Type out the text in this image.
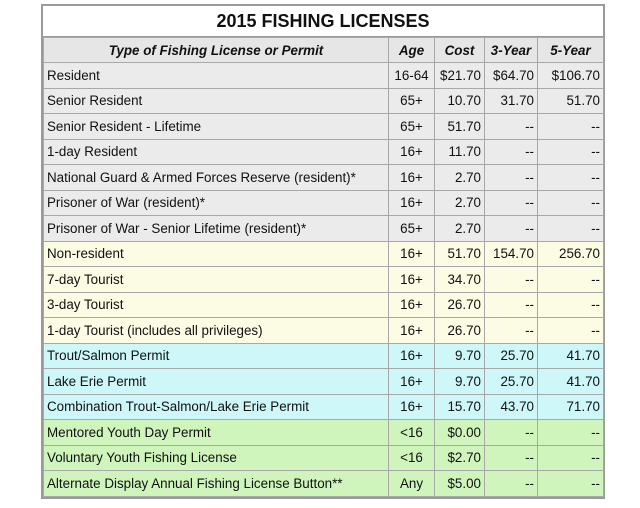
2015 FISHING LICENSES
Type of Fishing License or Permit	Age	Cost	3-Year	5-Year
Resident	16-64	$21.70	$64.70	$106.70
Senior Resident	65+	10.70	31.70	51.70
Senior Resident - Lifetime	65+	51.70	--	--
1-day Resident	16+	11.70	--	--
National Guard & Armed Forces Reserve (resident)*	16+	2.70	--	--
Prisoner of War (resident)*	16+	2.70	--	--
Prisoner of War - Senior Lifetime (resident)*	65+	2.70	--	--
Non-resident	16+	51.70	154.70	256.70
7-day Tourist	16+	34.70	--	--
3-day Tourist	16+	26.70	--	--
1-day Tourist (includes all privileges)	16+	26.70	--	--
Trout/Salmon Permit	16+	9.70	25.70	41.70
Lake Erie Permit	16+	9.70	25.70	41.70
Combination Trout-Salmon/Lake Erie Permit	16+	15.70	43.70	71.70
Mentored Youth Day Permit	<16	$0.00	--	--
Voluntary Youth Fishing License	<16	$2.70	--	--
Alternate Display Annual Fishing License Button**	Any	$5.00	--	--
